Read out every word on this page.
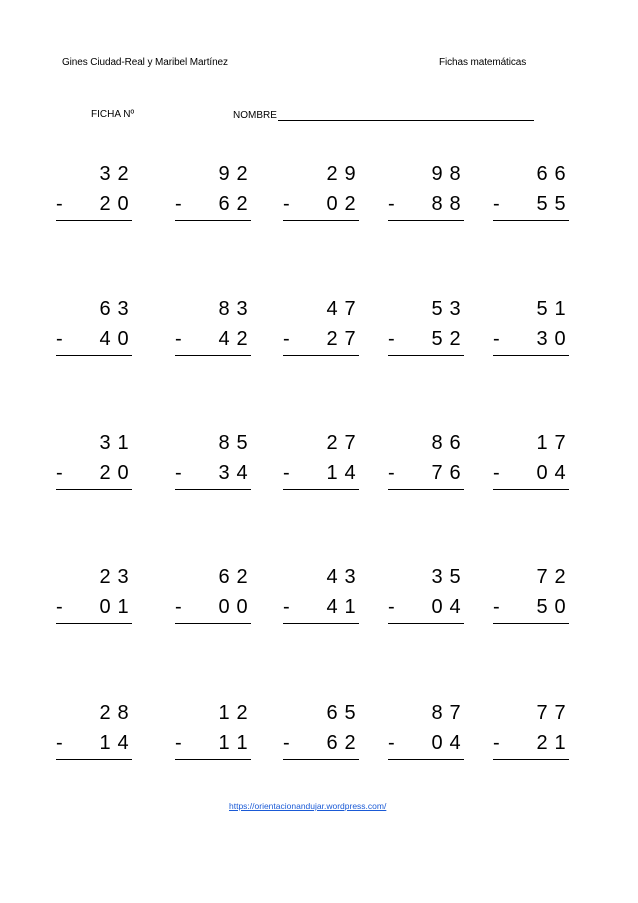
Gines Ciudad-Real y Maribel Martínez	Fichas matemáticas
FICHA Nº	NOMBRE
3 2
- 2 0
9 2
- 6 2
2 9
- 0 2
9 8
- 8 8
6 6
- 5 5
6 3
- 4 0
8 3
- 4 2
4 7
- 2 7
5 3
- 5 2
5 1
- 3 0
3 1
- 2 0
8 5
- 3 4
2 7
- 1 4
8 6
- 7 6
1 7
- 0 4
2 3
- 0 1
6 2
- 0 0
4 3
- 4 1
3 5
- 0 4
7 2
- 5 0
2 8
- 1 4
1 2
- 1 1
6 5
- 6 2
8 7
- 0 4
7 7
- 2 1
https://orientacionandujar.wordpress.com/
